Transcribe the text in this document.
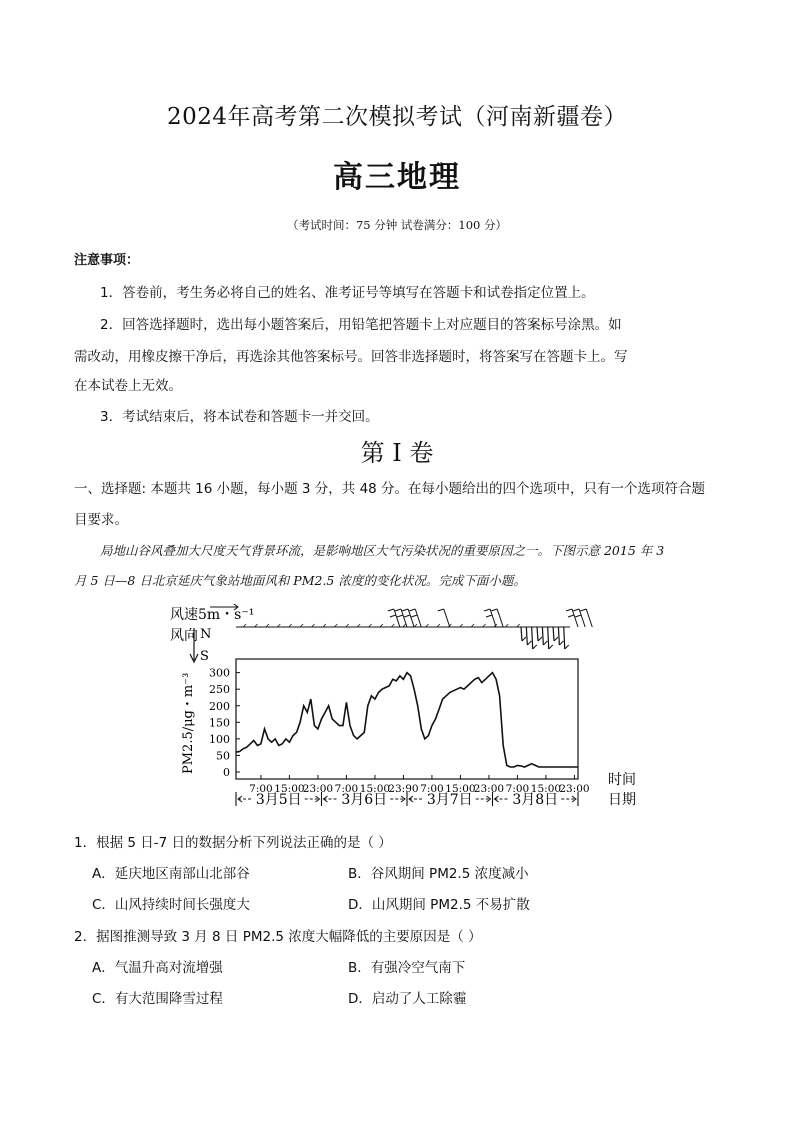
2024年高考第二次模拟考试（河南新疆卷）
高三地理
（考试时间：75 分钟 试卷满分：100 分）
注意事项：
1．答卷前，考生务必将自己的姓名、准考证号等填写在答题卡和试卷指定位置上。
2．回答选择题时，选出每小题答案后，用铅笔把答题卡上对应题目的答案标号涂黑。如
需改动，用橡皮擦干净后，再选涂其他答案标号。回答非选择题时，将答案写在答题卡上。写
在本试卷上无效。
3．考试结束后，将本试卷和答题卡一并交回。
第 I 卷
一、选择题: 本题共 16 小题，每小题 3 分，共 48 分。在每小题给出的四个选项中，只有一个选项符合题
目要求。
局地山谷风叠加大尺度天气背景环流，是影响地区大气污染状况的重要原因之一。下图示意 2015 年 3
月 5 日—8 日北京延庆气象站地面风和 PM2.5 浓度的变化状况。完成下面小题。
风速5m・s⁻¹
风向 N
S
PM2.5/μg・m⁻³ 300
250
200
150
100
50
0
7:00 15:00
23:00 7:00 15:00
23:90 7:00 15:00
23:00 7:00 15:00
23:00
3月5日	3月6日	3月7日	3月8日
时间
日期
1．根据 5 日-7 日的数据分析下列说法正确的是（ ）
A．延庆地区南部山北部谷	B．谷风期间 PM2.5 浓度减小
C．山风持续时间长强度大	D．山风期间 PM2.5 不易扩散
2．据图推测导致 3 月 8 日 PM2.5 浓度大幅降低的主要原因是（ ）
A．气温升高对流增强	B．有强冷空气南下
C．有大范围降雪过程	D．启动了人工除霾
